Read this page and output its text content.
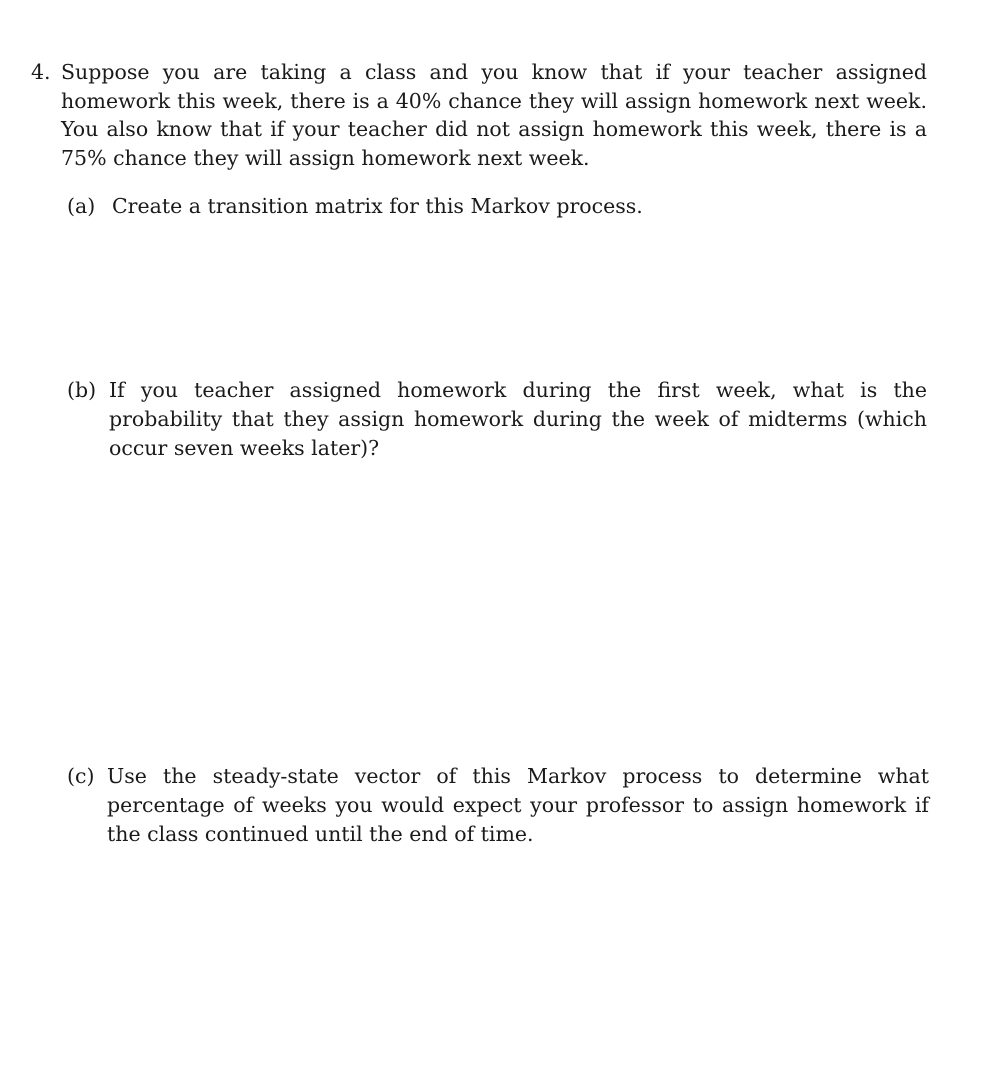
4. Suppose you are taking a class and you know that if your teacher assigned homework this week, there is a 40% chance they will assign homework next week. You also know that if your teacher did not assign homework this week, there is a 75% chance they will assign homework next week.
(a) Create a transition matrix for this Markov process.
(b) If you teacher assigned homework during the first week, what is the probability that they assign homework during the week of midterms (which occur seven weeks later)?
(c) Use the steady-state vector of this Markov process to determine what percentage of weeks you would expect your professor to assign homework if the class continued until the end of time.
